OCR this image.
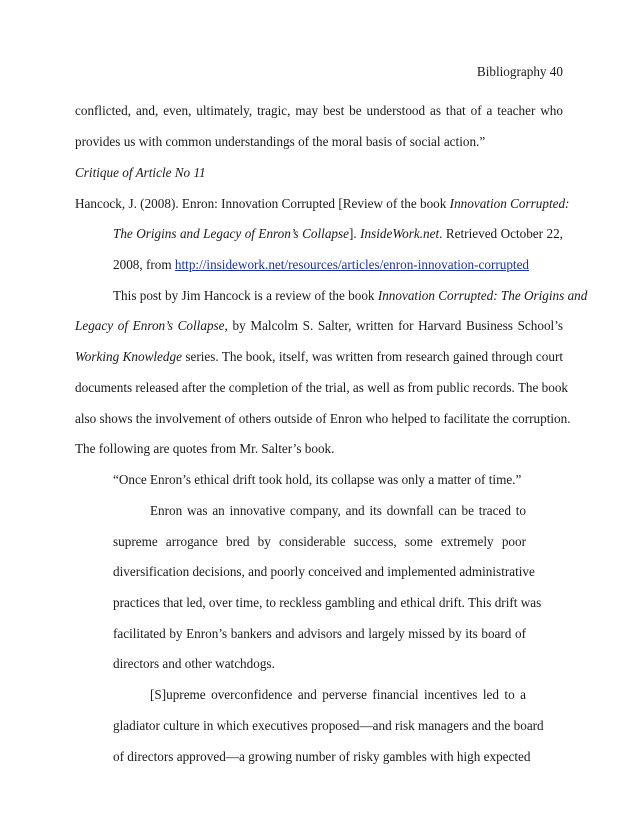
Bibliography 40
conflicted, and, even, ultimately, tragic, may best be understood as that of a teacher who
provides us with common understandings of the moral basis of social action.”
Critique of Article No 11
Hancock, J. (2008). Enron: Innovation Corrupted [Review of the book Innovation Corrupted:
The Origins and Legacy of Enron’s Collapse]. InsideWork.net. Retrieved October 22,
2008, from http://insidework.net/resources/articles/enron-innovation-corrupted
This post by Jim Hancock is a review of the book Innovation Corrupted: The Origins and
Legacy of Enron’s Collapse, by Malcolm S. Salter, written for Harvard Business School’s
Working Knowledge series. The book, itself, was written from research gained through court
documents released after the completion of the trial, as well as from public records. The book
also shows the involvement of others outside of Enron who helped to facilitate the corruption.
The following are quotes from Mr. Salter’s book.
“Once Enron’s ethical drift took hold, its collapse was only a matter of time.”
Enron was an innovative company, and its downfall can be traced to
supreme arrogance bred by considerable success, some extremely poor
diversification decisions, and poorly conceived and implemented administrative
practices that led, over time, to reckless gambling and ethical drift. This drift was
facilitated by Enron’s bankers and advisors and largely missed by its board of
directors and other watchdogs.
[S]upreme overconfidence and perverse financial incentives led to a
gladiator culture in which executives proposed—and risk managers and the board
of directors approved—a growing number of risky gambles with high expected
